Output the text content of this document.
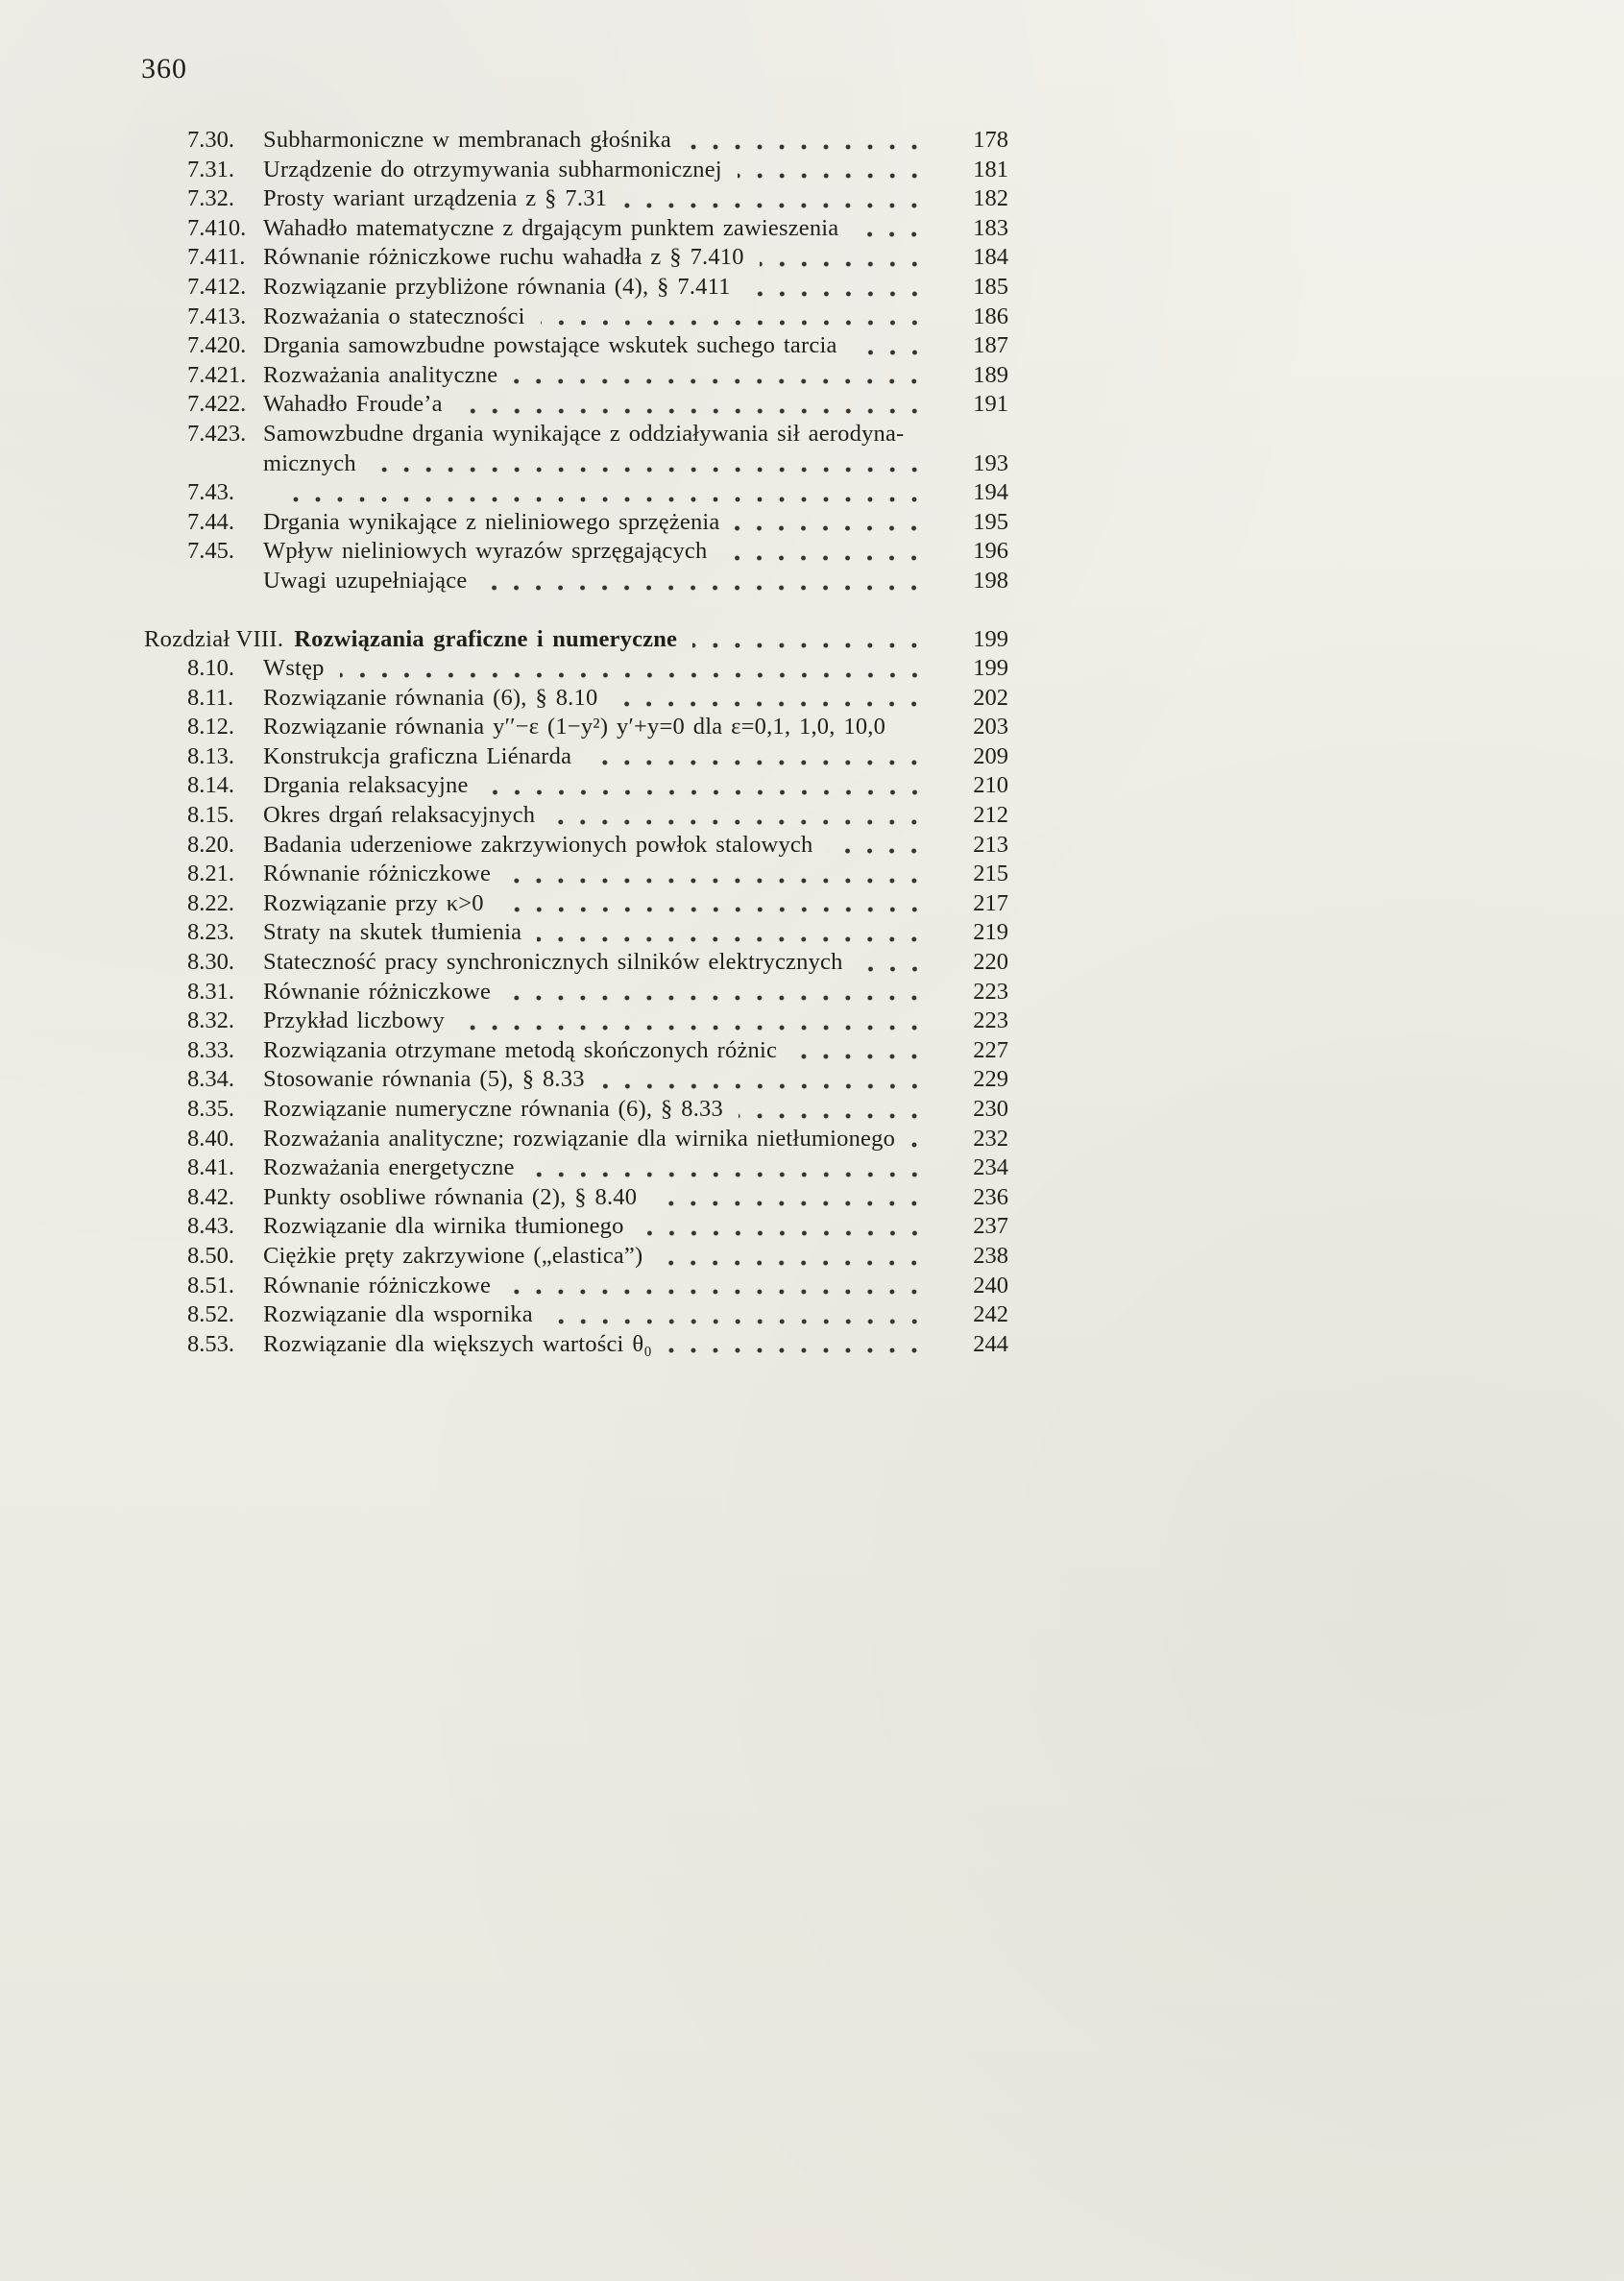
360
7.30.	Subharmoniczne w membranach głośnika	178
7.31.	Urządzenie do otrzymywania subharmonicznej	181
7.32.	Prosty wariant urządzenia z § 7.31	182
7.410. Wahadło matematyczne z drgającym punktem zawieszenia	183
7.411. Równanie różniczkowe ruchu wahadła z § 7.410	184
7.412. Rozwiązanie przybliżone równania (4), § 7.411	185
7.413. Rozważania o stateczności	186
7.420. Drgania samowzbudne powstające wskutek suchego tarcia	187
7.421. Rozważania analityczne	189
7.422. Wahadło Froude’a	191
7.423. Samowzbudne drgania wynikające z oddziaływania sił aerodyna-
micznych	193
7.43.	194
7.44.	Drgania wynikające z nieliniowego sprzężenia	195
7.45.	Wpływ nieliniowych wyrazów sprzęgających	196
Uwagi uzupełniające	198
Rozdział VIII. Rozwiązania graficzne i numeryczne	199
8.10.	Wstęp	199
8.11.	Rozwiązanie równania (6), § 8.10	202
8.12.	Rozwiązanie równania y′′−ε (1−y²) y′+y=0 dla ε=0,1, 1,0, 10,0	203
8.13.	Konstrukcja graficzna Liénarda	209
8.14.	Drgania relaksacyjne	210
8.15.	Okres drgań relaksacyjnych	212
8.20.	Badania uderzeniowe zakrzywionych powłok stalowych	213
8.21.	Równanie różniczkowe	215
8.22.	Rozwiązanie przy κ>0	217
8.23.	Straty na skutek tłumienia	219
8.30.	Stateczność pracy synchronicznych silników elektrycznych	220
8.31.	Równanie różniczkowe	223
8.32.	Przykład liczbowy	223
8.33.	Rozwiązania otrzymane metodą skończonych różnic	227
8.34.	Stosowanie równania (5), § 8.33	229
8.35.	Rozwiązanie numeryczne równania (6), § 8.33	230
8.40.	Rozważania analityczne; rozwiązanie dla wirnika nietłumionego	232
8.41.	Rozważania energetyczne	234
8.42.	Punkty osobliwe równania (2), § 8.40	236
8.43.	Rozwiązanie dla wirnika tłumionego	237
8.50.	Ciężkie pręty zakrzywione („elastica”)	238
8.51.	Równanie różniczkowe	240
8.52.	Rozwiązanie dla wspornika	242
8.53.	Rozwiązanie dla większych wartości θ₀	244
